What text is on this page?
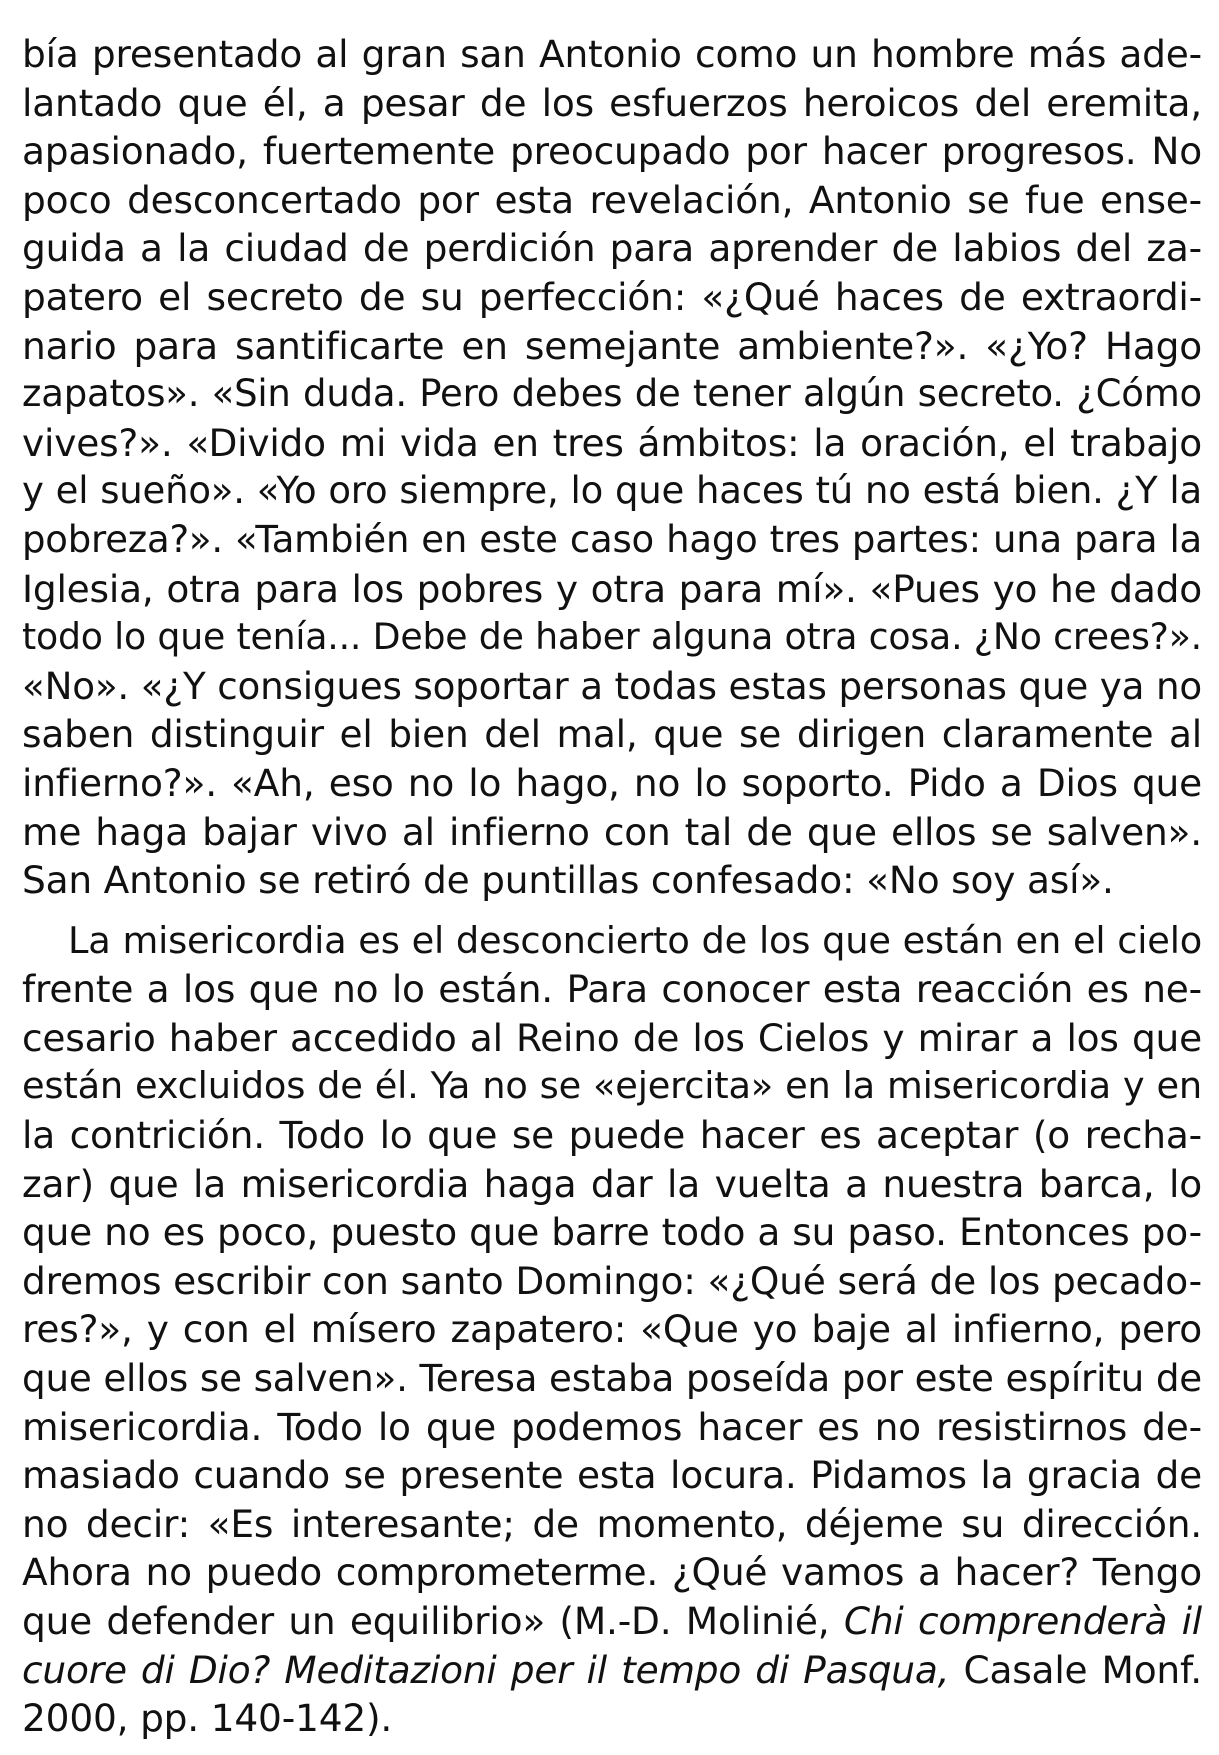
bía presentado al gran san Antonio como un hombre más ade-
lantado que él, a pesar de los esfuerzos heroicos del eremita,
apasionado, fuertemente preocupado por hacer progresos. No
poco desconcertado por esta revelación, Antonio se fue ense-
guida a la ciudad de perdición para aprender de labios del za-
patero el secreto de su perfección: «¿Qué haces de extraordi-
nario para santificarte en semejante ambiente?». «¿Yo? Hago
zapatos». «Sin duda. Pero debes de tener algún secreto. ¿Cómo
vives?». «Divido mi vida en tres ámbitos: la oración, el trabajo
y el sueño». «Yo oro siempre, lo que haces tú no está bien. ¿Y la
pobreza?». «También en este caso hago tres partes: una para la
Iglesia, otra para los pobres y otra para mí». «Pues yo he dado
todo lo que tenía... Debe de haber alguna otra cosa. ¿No crees?».
«No». «¿Y consigues soportar a todas estas personas que ya no
saben distinguir el bien del mal, que se dirigen claramente al
infierno?». «Ah, eso no lo hago, no lo soporto. Pido a Dios que
me haga bajar vivo al infierno con tal de que ellos se salven».
San Antonio se retiró de puntillas confesado: «No soy así».
La misericordia es el desconcierto de los que están en el cielo
frente a los que no lo están. Para conocer esta reacción es ne-
cesario haber accedido al Reino de los Cielos y mirar a los que
están excluidos de él. Ya no se «ejercita» en la misericordia y en
la contrición. Todo lo que se puede hacer es aceptar (o recha-
zar) que la misericordia haga dar la vuelta a nuestra barca, lo
que no es poco, puesto que barre todo a su paso. Entonces po-
dremos escribir con santo Domingo: «¿Qué será de los pecado-
res?», y con el mísero zapatero: «Que yo baje al infierno, pero
que ellos se salven». Teresa estaba poseída por este espíritu de
misericordia. Todo lo que podemos hacer es no resistirnos de-
masiado cuando se presente esta locura. Pidamos la gracia de
no decir: «Es interesante; de momento, déjeme su dirección.
Ahora no puedo comprometerme. ¿Qué vamos a hacer? Tengo
que defender un equilibrio» (M.-D. Molinié, Chi comprenderà il
cuore di Dio? Meditazioni per il tempo di Pasqua, Casale Monf.
2000, pp. 140-142).
